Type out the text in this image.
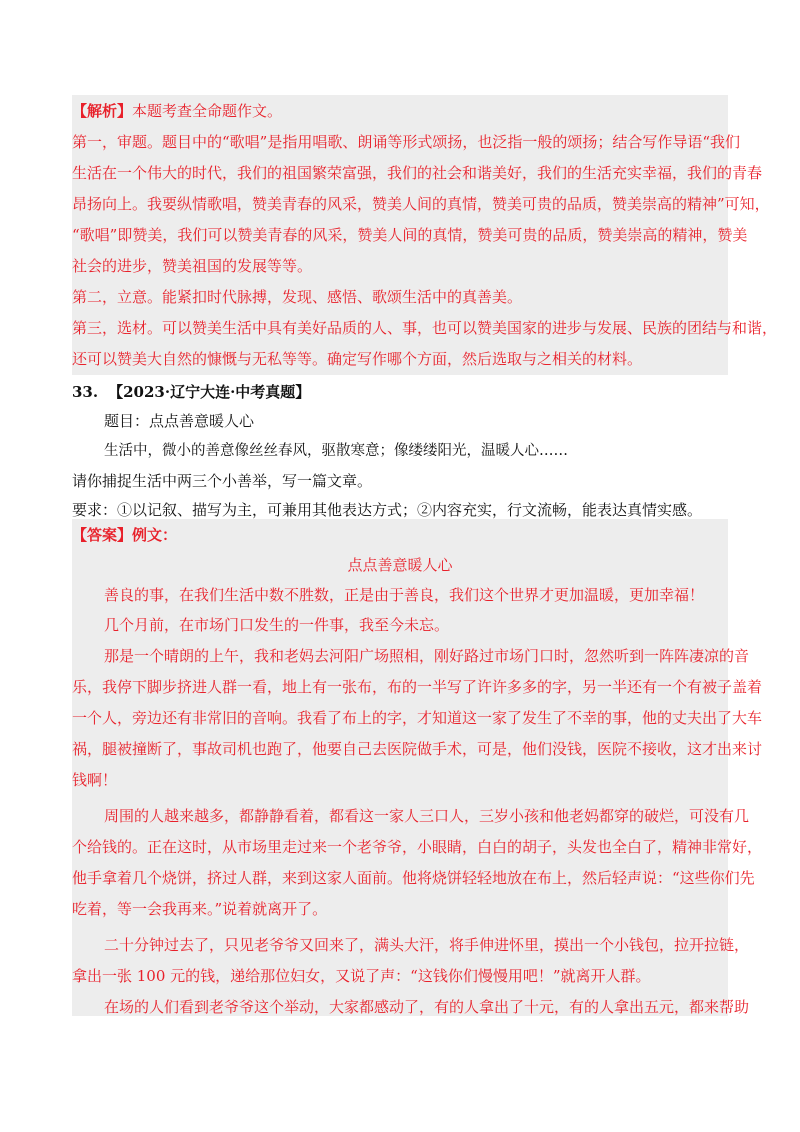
【解析】本题考查全命题作文。
第一，审题。题目中的“歌唱”是指用唱歌、朗诵等形式颂扬，也泛指一般的颂扬；结合写作导语“我们
生活在一个伟大的时代，我们的祖国繁荣富强，我们的社会和谐美好，我们的生活充实幸福，我们的青春
昂扬向上。我要纵情歌唱，赞美青春的风采，赞美人间的真情，赞美可贵的品质，赞美崇高的精神”可知，
“歌唱”即赞美，我们可以赞美青春的风采，赞美人间的真情，赞美可贵的品质，赞美崇高的精神，赞美
社会的进步，赞美祖国的发展等等。
第二，立意。能紧扣时代脉搏，发现、感悟、歌颂生活中的真善美。
第三，选材。可以赞美生活中具有美好品质的人、事，也可以赞美国家的进步与发展、民族的团结与和谐，
还可以赞美大自然的慷慨与无私等等。确定写作哪个方面，然后选取与之相关的材料。
33. 【2023·辽宁大连·中考真题】
题目：点点善意暖人心
生活中，微小的善意像丝丝春风，驱散寒意；像缕缕阳光，温暖人心……
请你捕捉生活中两三个小善举，写一篇文章。
要求：①以记叙、描写为主，可兼用其他表达方式；②内容充实，行文流畅，能表达真情实感。
【答案】例文：
点点善意暖人心
善良的事，在我们生活中数不胜数，正是由于善良，我们这个世界才更加温暖，更加幸福！
几个月前，在市场门口发生的一件事，我至今未忘。
那是一个晴朗的上午，我和老妈去河阳广场照相，刚好路过市场门口时，忽然听到一阵阵凄凉的音
乐，我停下脚步挤进人群一看，地上有一张布，布的一半写了许许多多的字，另一半还有一个有被子盖着
一个人，旁边还有非常旧的音响。我看了布上的字，才知道这一家了发生了不幸的事，他的丈夫出了大车
祸，腿被撞断了，事故司机也跑了，他要自己去医院做手术，可是，他们没钱，医院不接收，这才出来讨
钱啊！
周围的人越来越多，都静静看着，都看这一家人三口人，三岁小孩和他老妈都穿的破烂，可没有几
个给钱的。正在这时，从市场里走过来一个老爷爷，小眼睛，白白的胡子，头发也全白了，精神非常好，
他手拿着几个烧饼，挤过人群，来到这家人面前。他将烧饼轻轻地放在布上，然后轻声说：“这些你们先
吃着，等一会我再来。”说着就离开了。
二十分钟过去了，只见老爷爷又回来了，满头大汗，将手伸进怀里，摸出一个小钱包，拉开拉链，
拿出一张 100 元的钱，递给那位妇女，又说了声：“这钱你们慢慢用吧！”就离开人群。
在场的人们看到老爷爷这个举动，大家都感动了，有的人拿出了十元，有的人拿出五元，都来帮助
